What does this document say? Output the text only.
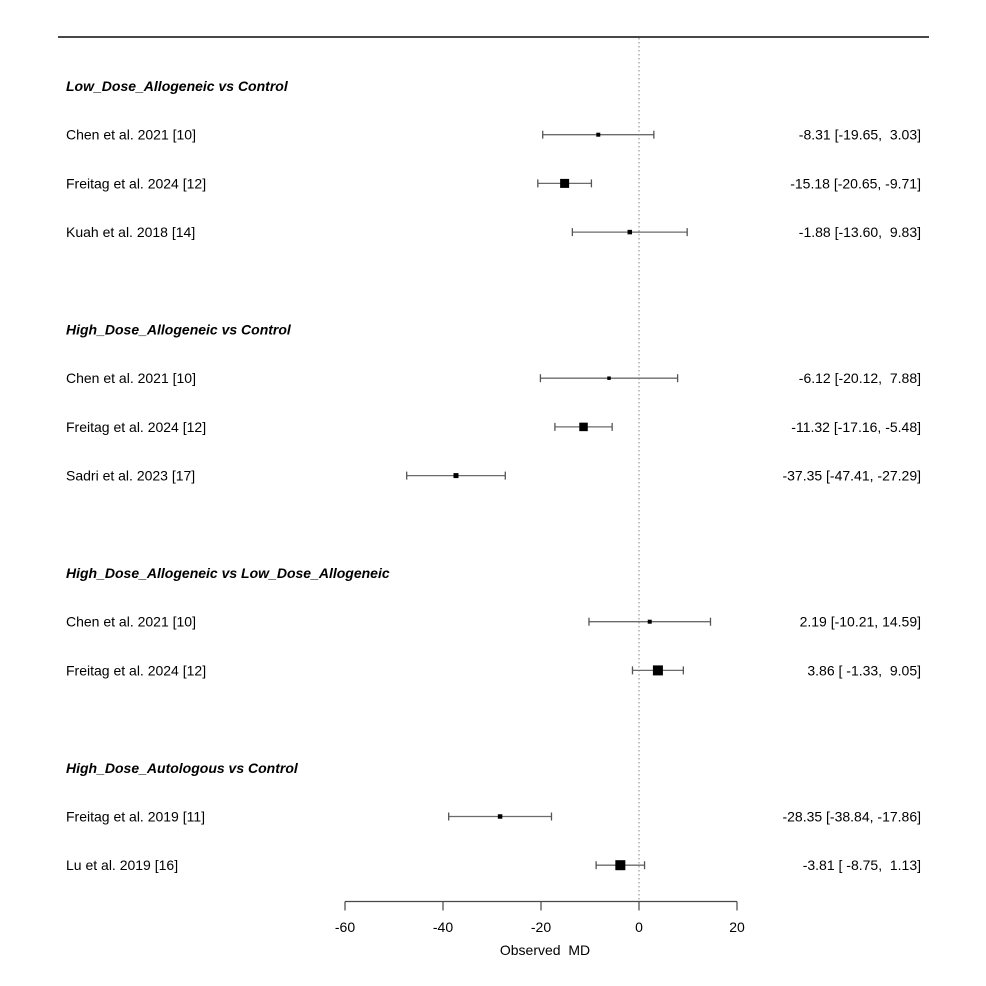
Low_Dose_Allogeneic vs Control
Chen et al. 2021 [10]	-8.31 [-19.65,  3.03]
Freitag et al. 2024 [12]	-15.18 [-20.65, -9.71]
Kuah et al. 2018 [14]	-1.88 [-13.60,  9.83]
High_Dose_Allogeneic vs Control
Chen et al. 2021 [10]	-6.12 [-20.12,  7.88]
Freitag et al. 2024 [12]	-11.32 [-17.16, -5.48]
Sadri et al. 2023 [17]	-37.35 [-47.41, -27.29]
High_Dose_Allogeneic vs Low_Dose_Allogeneic
Chen et al. 2021 [10]	2.19 [-10.21, 14.59]
Freitag et al. 2024 [12]	3.86 [ -1.33,  9.05]
High_Dose_Autologous vs Control
Freitag et al. 2019 [11]	-28.35 [-38.84, -17.86]
Lu et al. 2019 [16]	-3.81 [ -8.75,  1.13]
-60	-40	-20	0	20
Observed  MD
